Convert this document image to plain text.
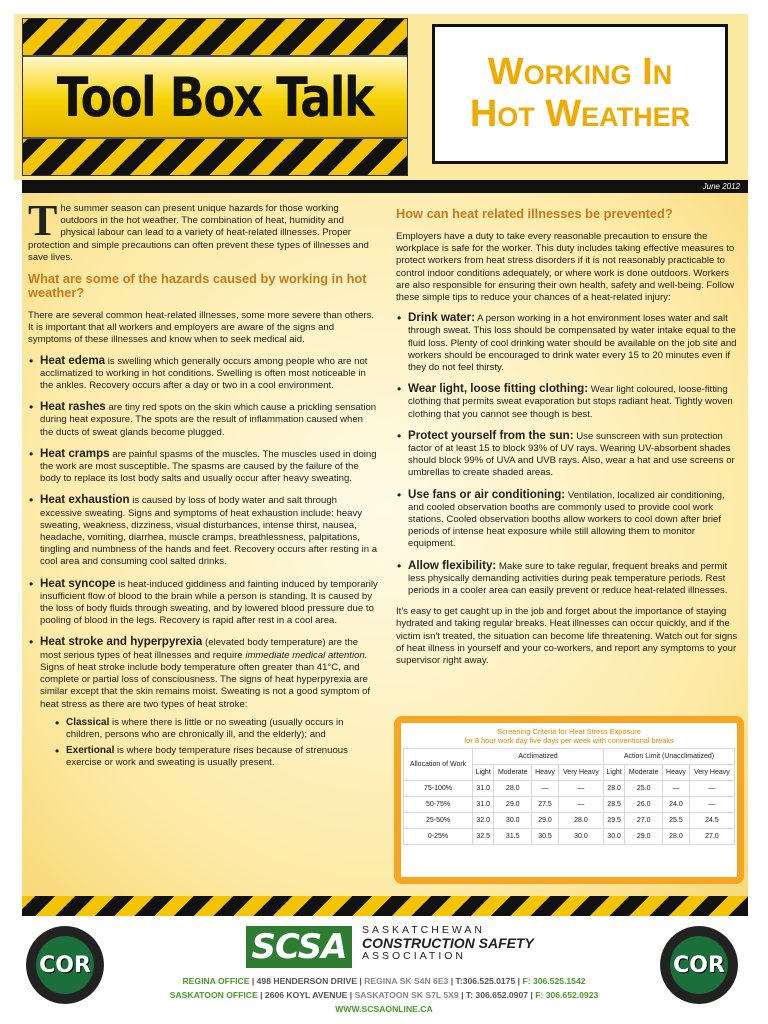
Tool Box Talk	Working In
Hot Weather
June 2012
The summer season can present unique hazards for those working outdoors in the hot weather. The combination of heat, humidity and physical labour can lead to a variety of heat-related illnesses. Proper protection and simple precautions can often prevent these types of illnesses and save lives.
What are some of the hazards caused by working in hot weather?

There are several common heat-related illnesses, some more severe than others. It is important that all workers and employers are aware of the signs and symptoms of these illnesses and know when to seek medical aid.

• Heat edema is swelling which generally occurs among people who are not acclimatized to working in hot conditions. Swelling is often most noticeable in the ankles. Recovery occurs after a day or two in a cool environment.
• Heat rashes are tiny red spots on the skin which cause a prickling sensation during heat exposure. The spots are the result of inflammation caused when the ducts of sweat glands become plugged.
• Heat cramps are painful spasms of the muscles. The muscles used in doing the work are most susceptible. The spasms are caused by the failure of the body to replace its lost body salts and usually occur after heavy sweating.
• Heat exhaustion is caused by loss of body water and salt through excessive sweating. Signs and symptoms of heat exhaustion include: heavy sweating, weakness, dizziness, visual disturbances, intense thirst, nausea, headache, vomiting, diarrhea, muscle cramps, breathlessness, palpitations, tingling and numbness of the hands and feet. Recovery occurs after resting in a cool area and consuming cool salted drinks.
• Heat syncope is heat-induced giddiness and fainting induced by temporarily insufficient flow of blood to the brain while a person is standing. It is caused by the loss of body fluids through sweating, and by lowered blood pressure due to pooling of blood in the legs. Recovery is rapid after rest in a cool area.
• Heat stroke and hyperpyrexia (elevated body temperature) are the most serious types of heat illnesses and require immediate medical attention. Signs of heat stroke include body temperature often greater than 41°C, and complete or partial loss of consciousness. The signs of heat hyperpyrexia are similar except that the skin remains moist. Sweating is not a good symptom of heat stress as there are two types of heat stroke:
• Classical is where there is little or no sweating (usually occurs in children, persons who are chronically ill, and the elderly); and
• Exertional is where body temperature rises because of strenuous exercise or work and sweating is usually present.
How can heat related illnesses be prevented?

Employers have a duty to take every reasonable precaution to ensure the workplace is safe for the worker. This duty includes taking effective measures to protect workers from heat stress disorders if it is not reasonably practicable to control indoor conditions adequately, or where work is done outdoors. Workers are also responsible for ensuring their own health, safety and well-being. Follow these simple tips to reduce your chances of a heat-related injury:

• Drink water: A person working in a hot environment loses water and salt through sweat. This loss should be compensated by water intake equal to the fluid loss. Plenty of cool drinking water should be available on the job site and workers should be encouraged to drink water every 15 to 20 minutes even if they do not feel thirsty.
• Wear light, loose fitting clothing: Wear light coloured, loose-fitting clothing that permits sweat evaporation but stops radiant heat. Tightly woven clothing that you cannot see though is best.
• Protect yourself from the sun: Use sunscreen with sun protection factor of at least 15 to block 93% of UV rays. Wearing UV-absorbent shades should block 99% of UVA and UVB rays. Also, wear a hat and use screens or umbrellas to create shaded areas.
• Use fans or air conditioning: Ventilation, localized air conditioning, and cooled observation booths are commonly used to provide cool work stations. Cooled observation booths allow workers to cool down after brief periods of intense heat exposure while still allowing them to monitor equipment.
• Allow flexibility: Make sure to take regular, frequent breaks and permit less physically demanding activities during peak temperature periods. Rest periods in a cooler area can easily prevent or reduce heat-related illnesses.

It's easy to get caught up in the job and forget about the importance of staying hydrated and taking regular breaks. Heat illnesses can occur quickly, and if the victim isn't treated, the situation can become life threatening. Watch out for signs of heat illness in yourself and your co-workers, and report any symptoms to your supervisor right away.

Screening Criteria for Heat Stress Exposure
for 8 hour work day five days per week with conventional breaks
Allocation of Work	Acclimatized				Action Limit (Unacclimatized)			
	Light	Moderate	Heavy	Very Heavy	Light	Moderate	Heavy	Very Heavy
75-100%	31.0	28.0	—	—	28.0	25.0	—	—
50-75%	31.0	29.0	27.5	—	28.5	26.0	24.0	—
25-50%	32.0	30.0	29.0	28.0	29.5	27.0	25.5	24.5
0-25%	32.5	31.5	30.5	30.0	30.0	29.0	28.0	27.0
COR	SCSA	SASKATCHEWAN
CONSTRUCTION SAFETY
ASSOCIATION	COR
REGINA OFFICE | 498 HENDERSON DRIVE | REGINA SK S4N 6E3 | T:306.525.0175 | F: 306.525.1542
SASKATOON OFFICE | 2606 KOYL AVENUE | SASKATOON SK S7L 5X9 | T: 306.652.0907 | F: 306.652.0923
WWW.SCSAONLINE.CA
